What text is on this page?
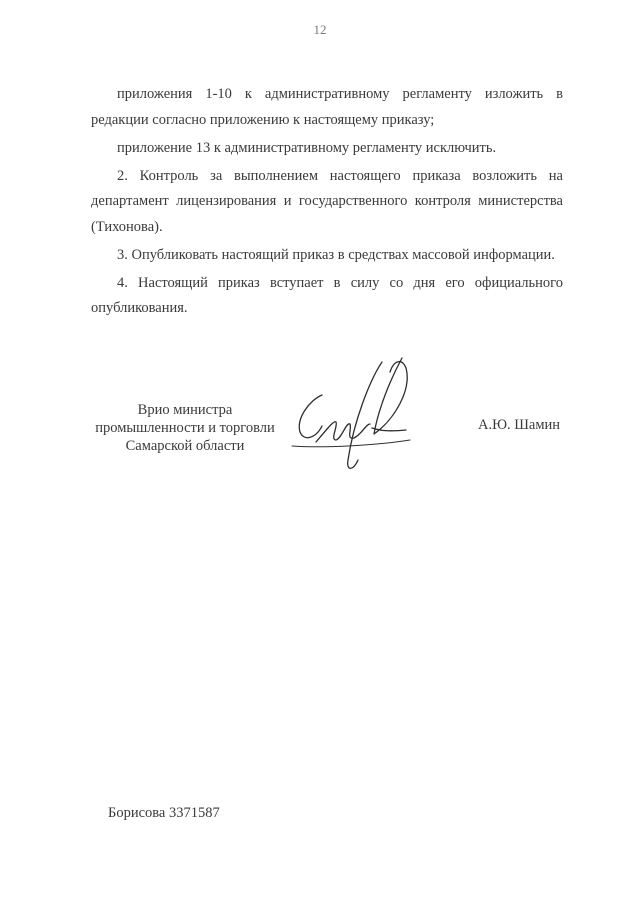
12

приложения 1-10 к административному регламенту изложить в редакции согласно приложению к настоящему приказу;

приложение 13 к административному регламенту исключить.

2. Контроль за выполнением настоящего приказа возложить на департамент лицензирования и государственного контроля министерства (Тихонова).

3. Опубликовать настоящий приказ в средствах массовой информации.

4. Настоящий приказ вступает в силу со дня его официального опубликования.

Врио министра
промышленности и торговли
Самарской области
А.Ю. Шамин
Борисова 3371587
